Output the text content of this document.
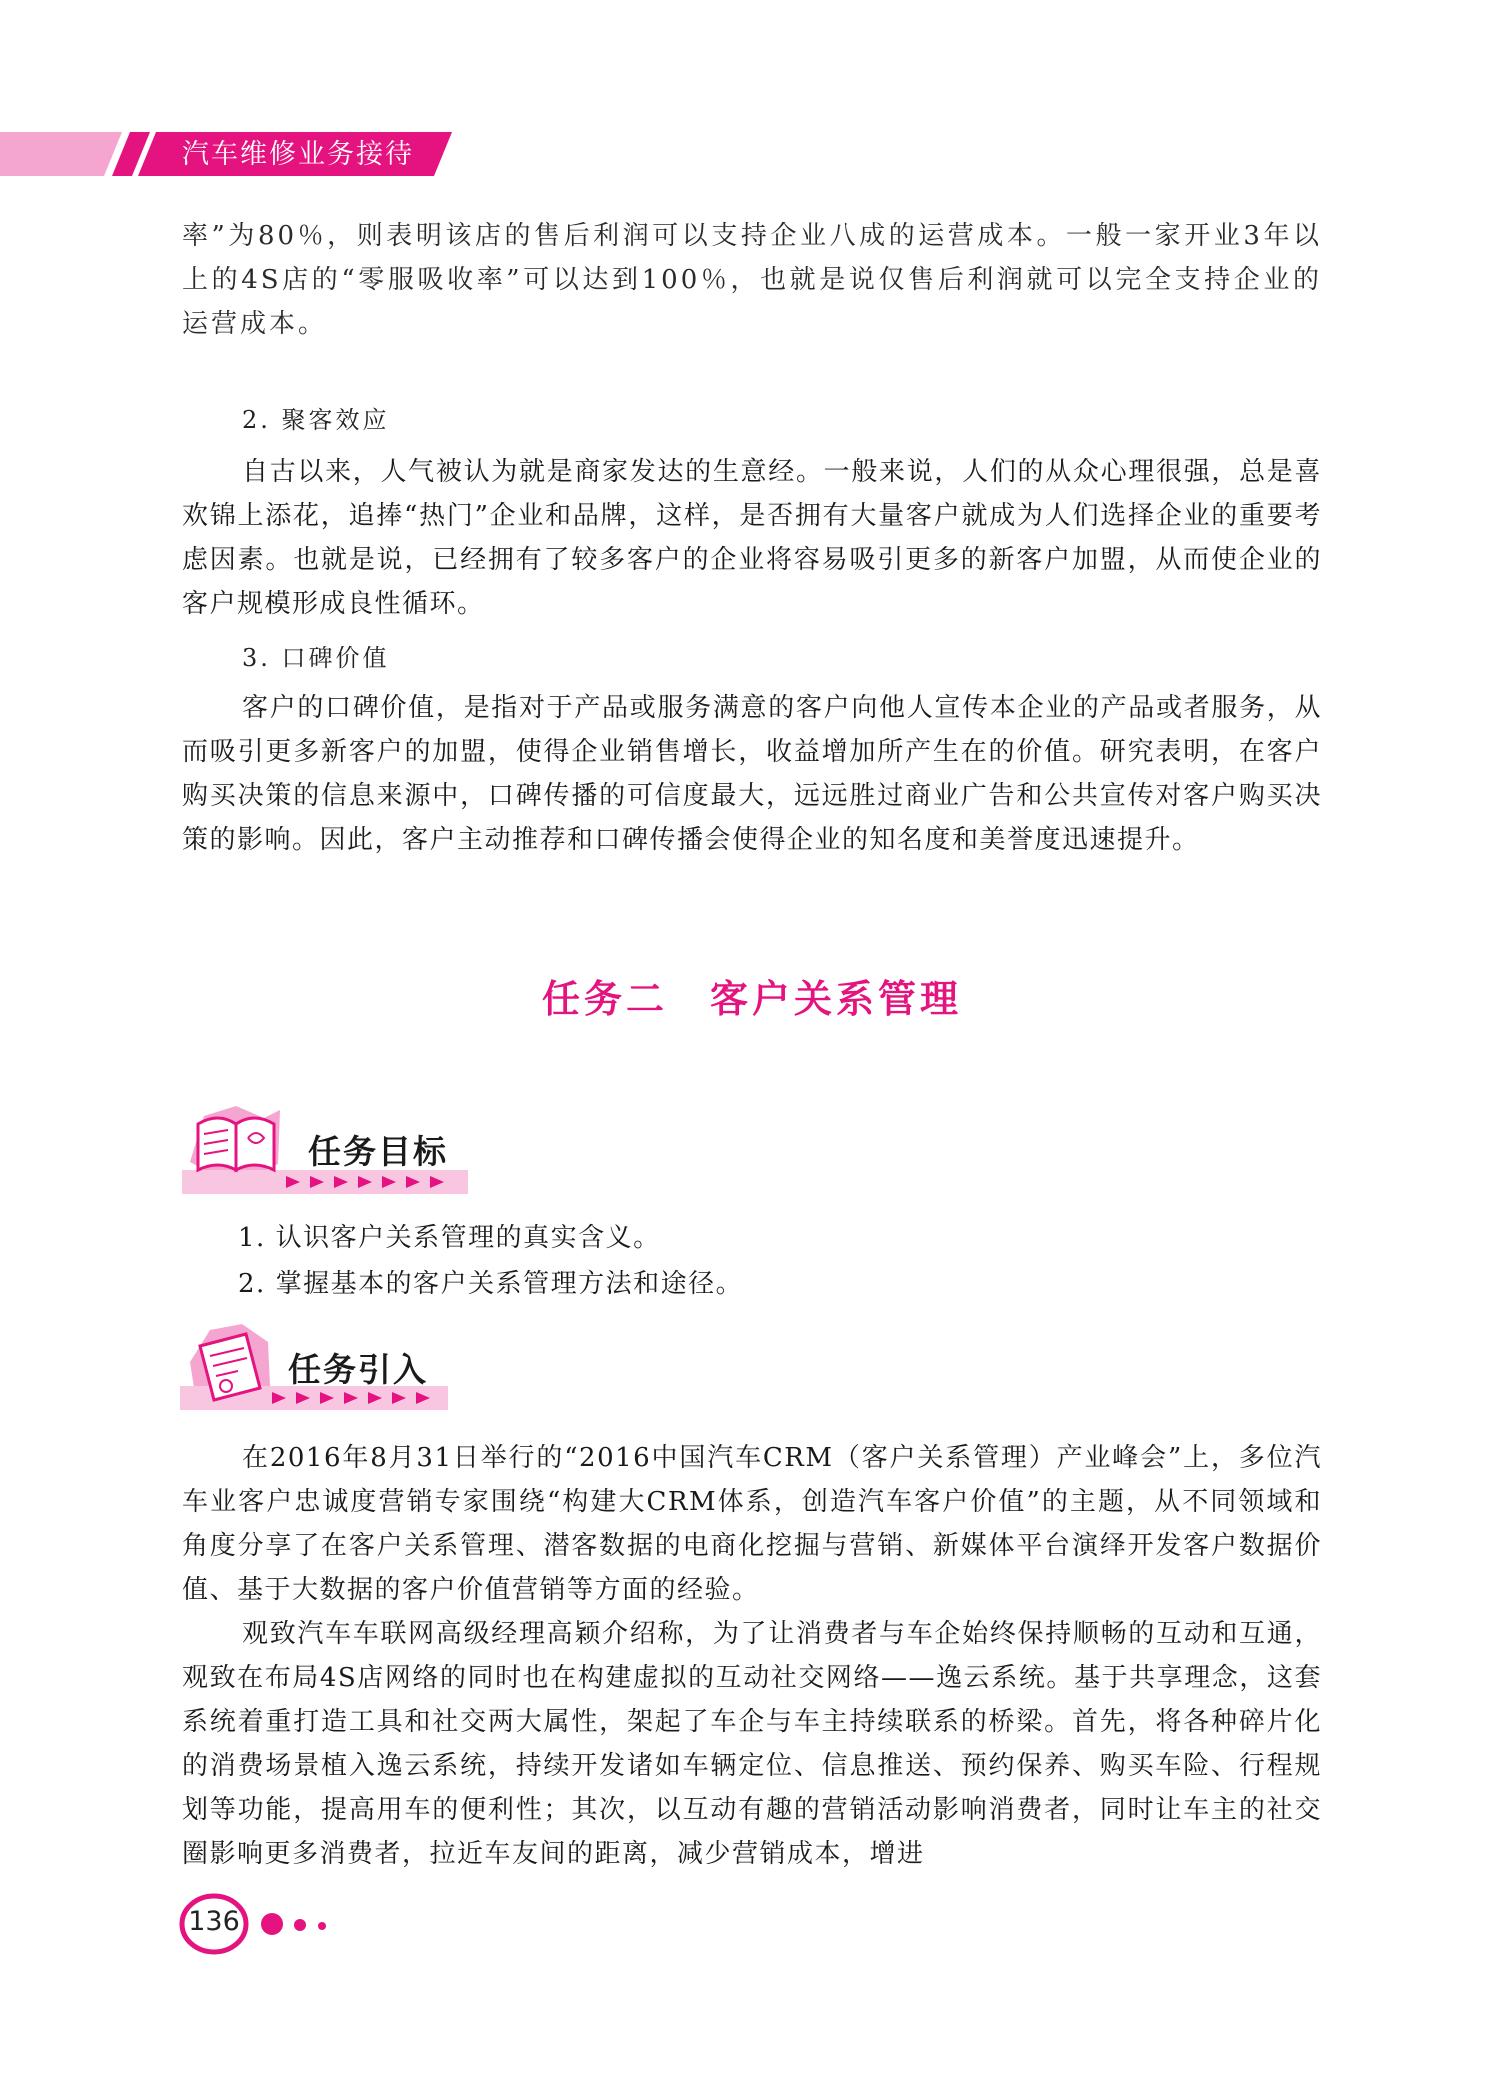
汽车维修业务接待

率”为80％，则表明该店的售后利润可以支持企业八成的运营成本。一般一家开业3年以上的4S店的“零服吸收率”可以达到100％，也就是说仅售后利润就可以完全支持企业的运营成本。

2. 聚客效应

自古以来，人气被认为就是商家发达的生意经。一般来说，人们的从众心理很强，总是喜欢锦上添花，追捧“热门”企业和品牌，这样，是否拥有大量客户就成为人们选择企业的重要考虑因素。也就是说，已经拥有了较多客户的企业将容易吸引更多的新客户加盟，从而使企业的客户规模形成良性循环。

3. 口碑价值

客户的口碑价值，是指对于产品或服务满意的客户向他人宣传本企业的产品或者服务，从而吸引更多新客户的加盟，使得企业销售增长，收益增加所产生在的价值。研究表明，在客户购买决策的信息来源中，口碑传播的可信度最大，远远胜过商业广告和公共宣传对客户购买决策的影响。因此，客户主动推荐和口碑传播会使得企业的知名度和美誉度迅速提升。

任务二　客户关系管理
任务目标
1. 认识客户关系管理的真实含义。
2. 掌握基本的客户关系管理方法和途径。
任务引入

在2016年8月31日举行的“2016中国汽车CRM（客户关系管理）产业峰会”上，多位汽车业客户忠诚度营销专家围绕“构建大CRM体系，创造汽车客户价值”的主题，从不同领域和角度分享了在客户关系管理、潜客数据的电商化挖掘与营销、新媒体平台演绎开发客户数据价值、基于大数据的客户价值营销等方面的经验。

观致汽车车联网高级经理高颖介绍称，为了让消费者与车企始终保持顺畅的互动和互通，观致在布局4S店网络的同时也在构建虚拟的互动社交网络——逸云系统。基于共享理念，这套系统着重打造工具和社交两大属性，架起了车企与车主持续联系的桥梁。首先，将各种碎片化的消费场景植入逸云系统，持续开发诸如车辆定位、信息推送、预约保养、购买车险、行程规划等功能，提高用车的便利性；其次，以互动有趣的营销活动影响消费者，同时让车主的社交圈影响更多消费者，拉近车友间的距离，减少营销成本，增进

136
